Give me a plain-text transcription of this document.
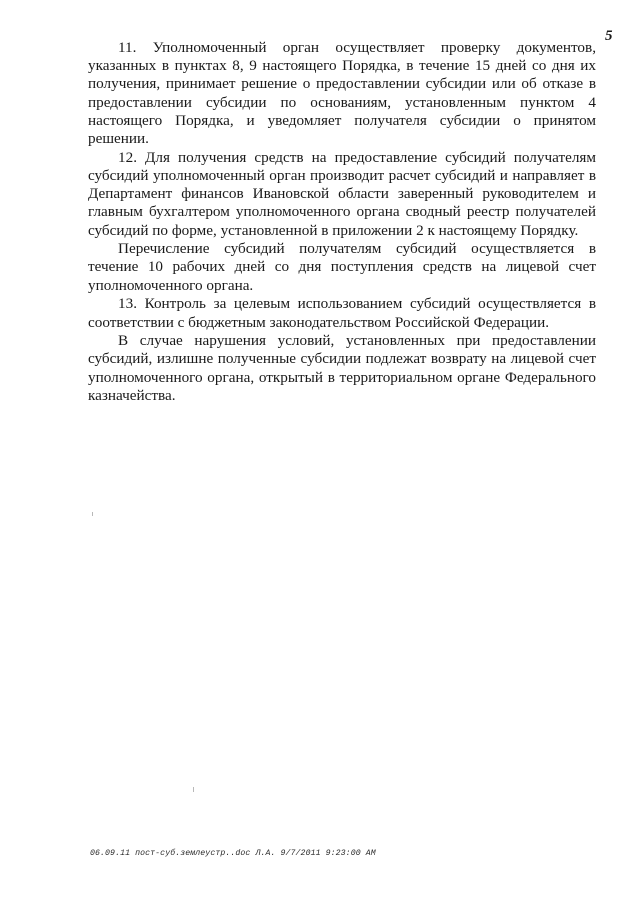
5

11. Уполномоченный орган осуществляет проверку документов, указанных в пунктах 8, 9 настоящего Порядка, в течение 15 дней со дня их получения, принимает решение о предоставлении субсидии или об отказе в предоставлении субсидии по основаниям, установленным пунктом 4 настоящего Порядка, и уведомляет получателя субсидии о принятом решении.

12. Для получения средств на предоставление субсидий получателям субсидий уполномоченный орган производит расчет субсидий и направляет в Департамент финансов Ивановской области заверенный руководителем и главным бухгалтером уполномоченного органа сводный реестр получателей субсидий по форме, установленной в приложении 2 к настоящему Порядку.

Перечисление субсидий получателям субсидий осуществляется в течение 10 рабочих дней со дня поступления средств на лицевой счет уполномоченного органа.

13. Контроль за целевым использованием субсидий осуществляется в соответствии с бюджетным законодательством Российской Федерации.

В случае нарушения условий, установленных при предоставлении субсидий, излишне полученные субсидии подлежат возврату на лицевой счет уполномоченного органа, открытый в территориальном органе Федерального казначейства.

06.09.11 пост-суб.землеустр..doc Л.А. 9/7/2011 9:23:00 AM
